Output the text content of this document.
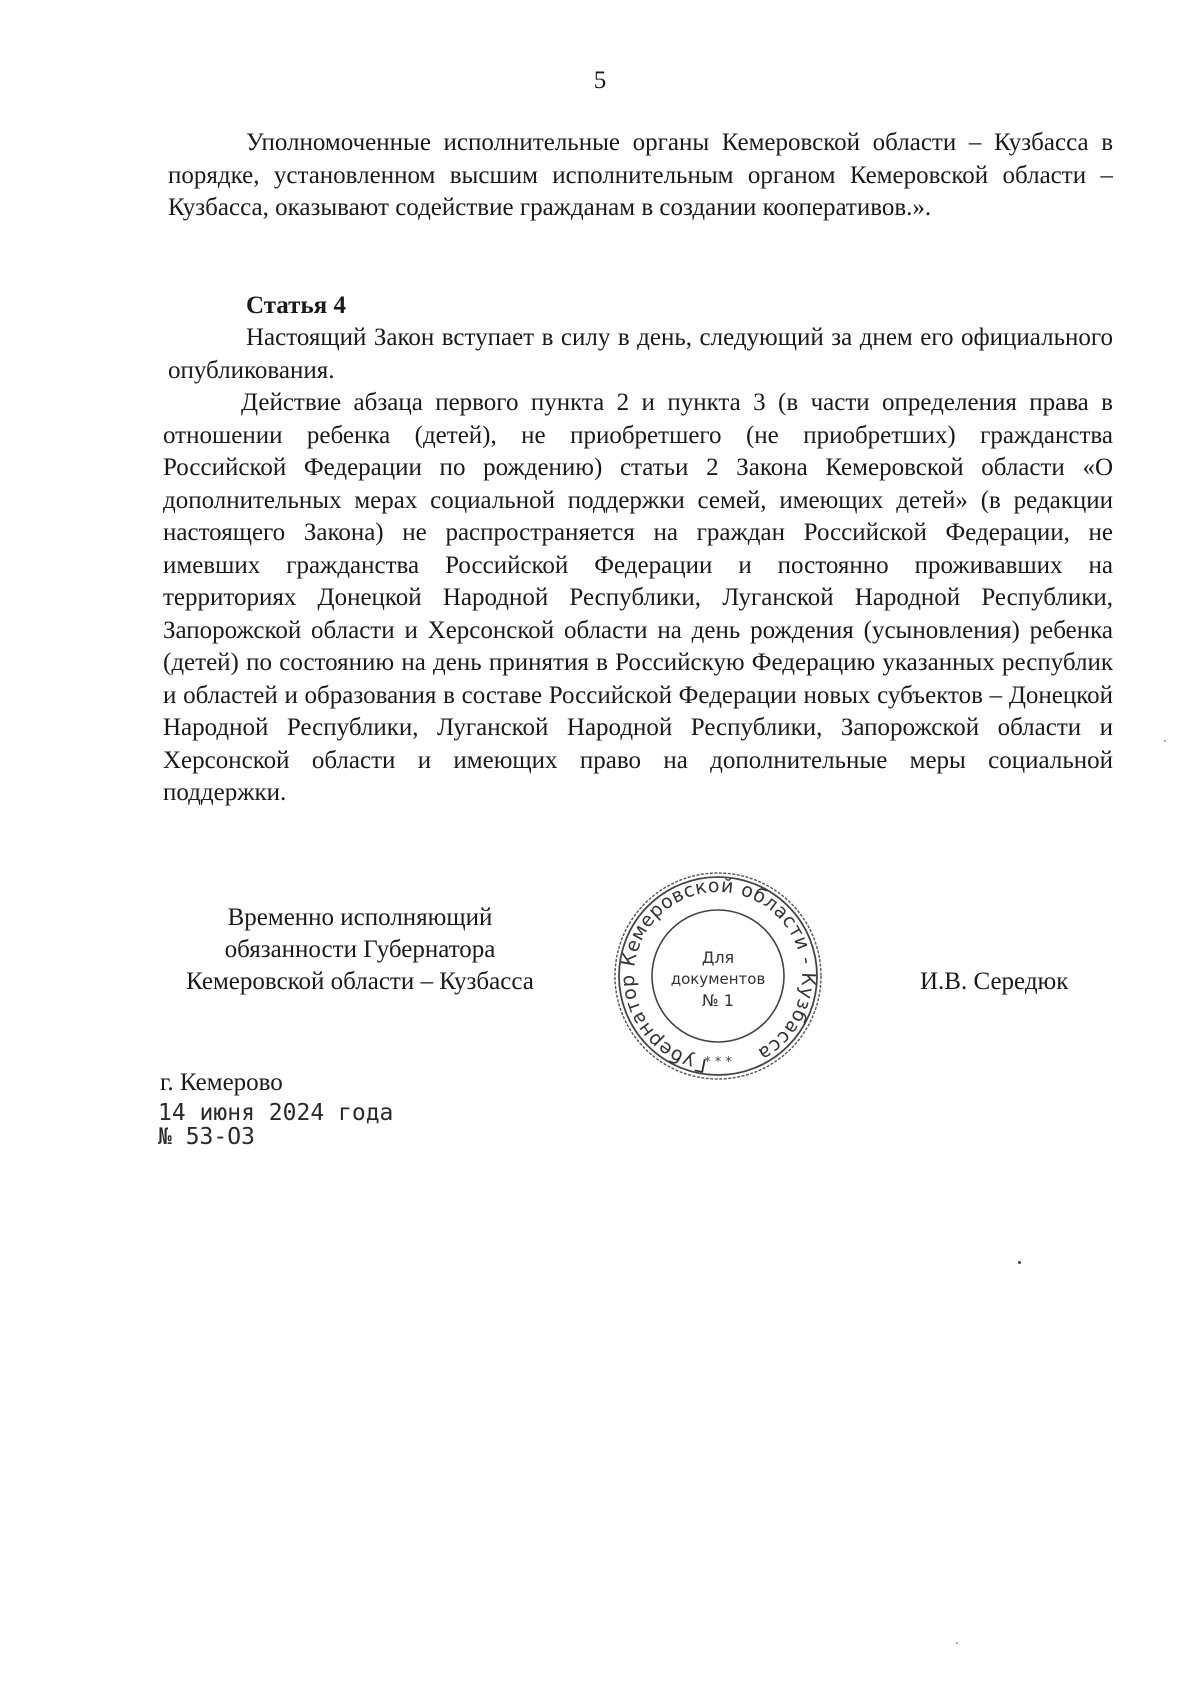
5

Уполномоченные исполнительные органы Кемеровской области – Кузбасса в порядке, установленном высшим исполнительным органом Кемеровской области – Кузбасса, оказывают содействие гражданам в создании кооперативов.».

Статья 4

Настоящий Закон вступает в силу в день, следующий за днем его официального опубликования.

Действие абзаца первого пункта 2 и пункта 3 (в части определения права в отношении ребенка (детей), не приобретшего (не приобретших) гражданства Российской Федерации по рождению) статьи 2 Закона Кемеровской области «О дополнительных мерах социальной поддержки семей, имеющих детей» (в редакции настоящего Закона) не распространяется на граждан Российской Федерации, не имевших гражданства Российской Федерации и постоянно проживавших на территориях Донецкой Народной Республики, Луганской Народной Республики, Запорожской области и Херсонской области на день рождения (усыновления) ребенка (детей) по состоянию на день принятия в Российскую Федерацию указанных республик и областей и образования в составе Российской Федерации новых субъектов – Донецкой Народной Республики, Луганской Народной Республики, Запорожской области и Херсонской области и имеющих право на дополнительные меры социальной поддержки.

Временно исполняющий
обязанности Губернатора
Кемеровской области – Кузбасса
Губернатор Кемеровской области - Кузбасса
Для
документов
№ 1
* * *
И.В. Середюк
г. Кемерово
14 июня 2024 года
№ 53-ОЗ
